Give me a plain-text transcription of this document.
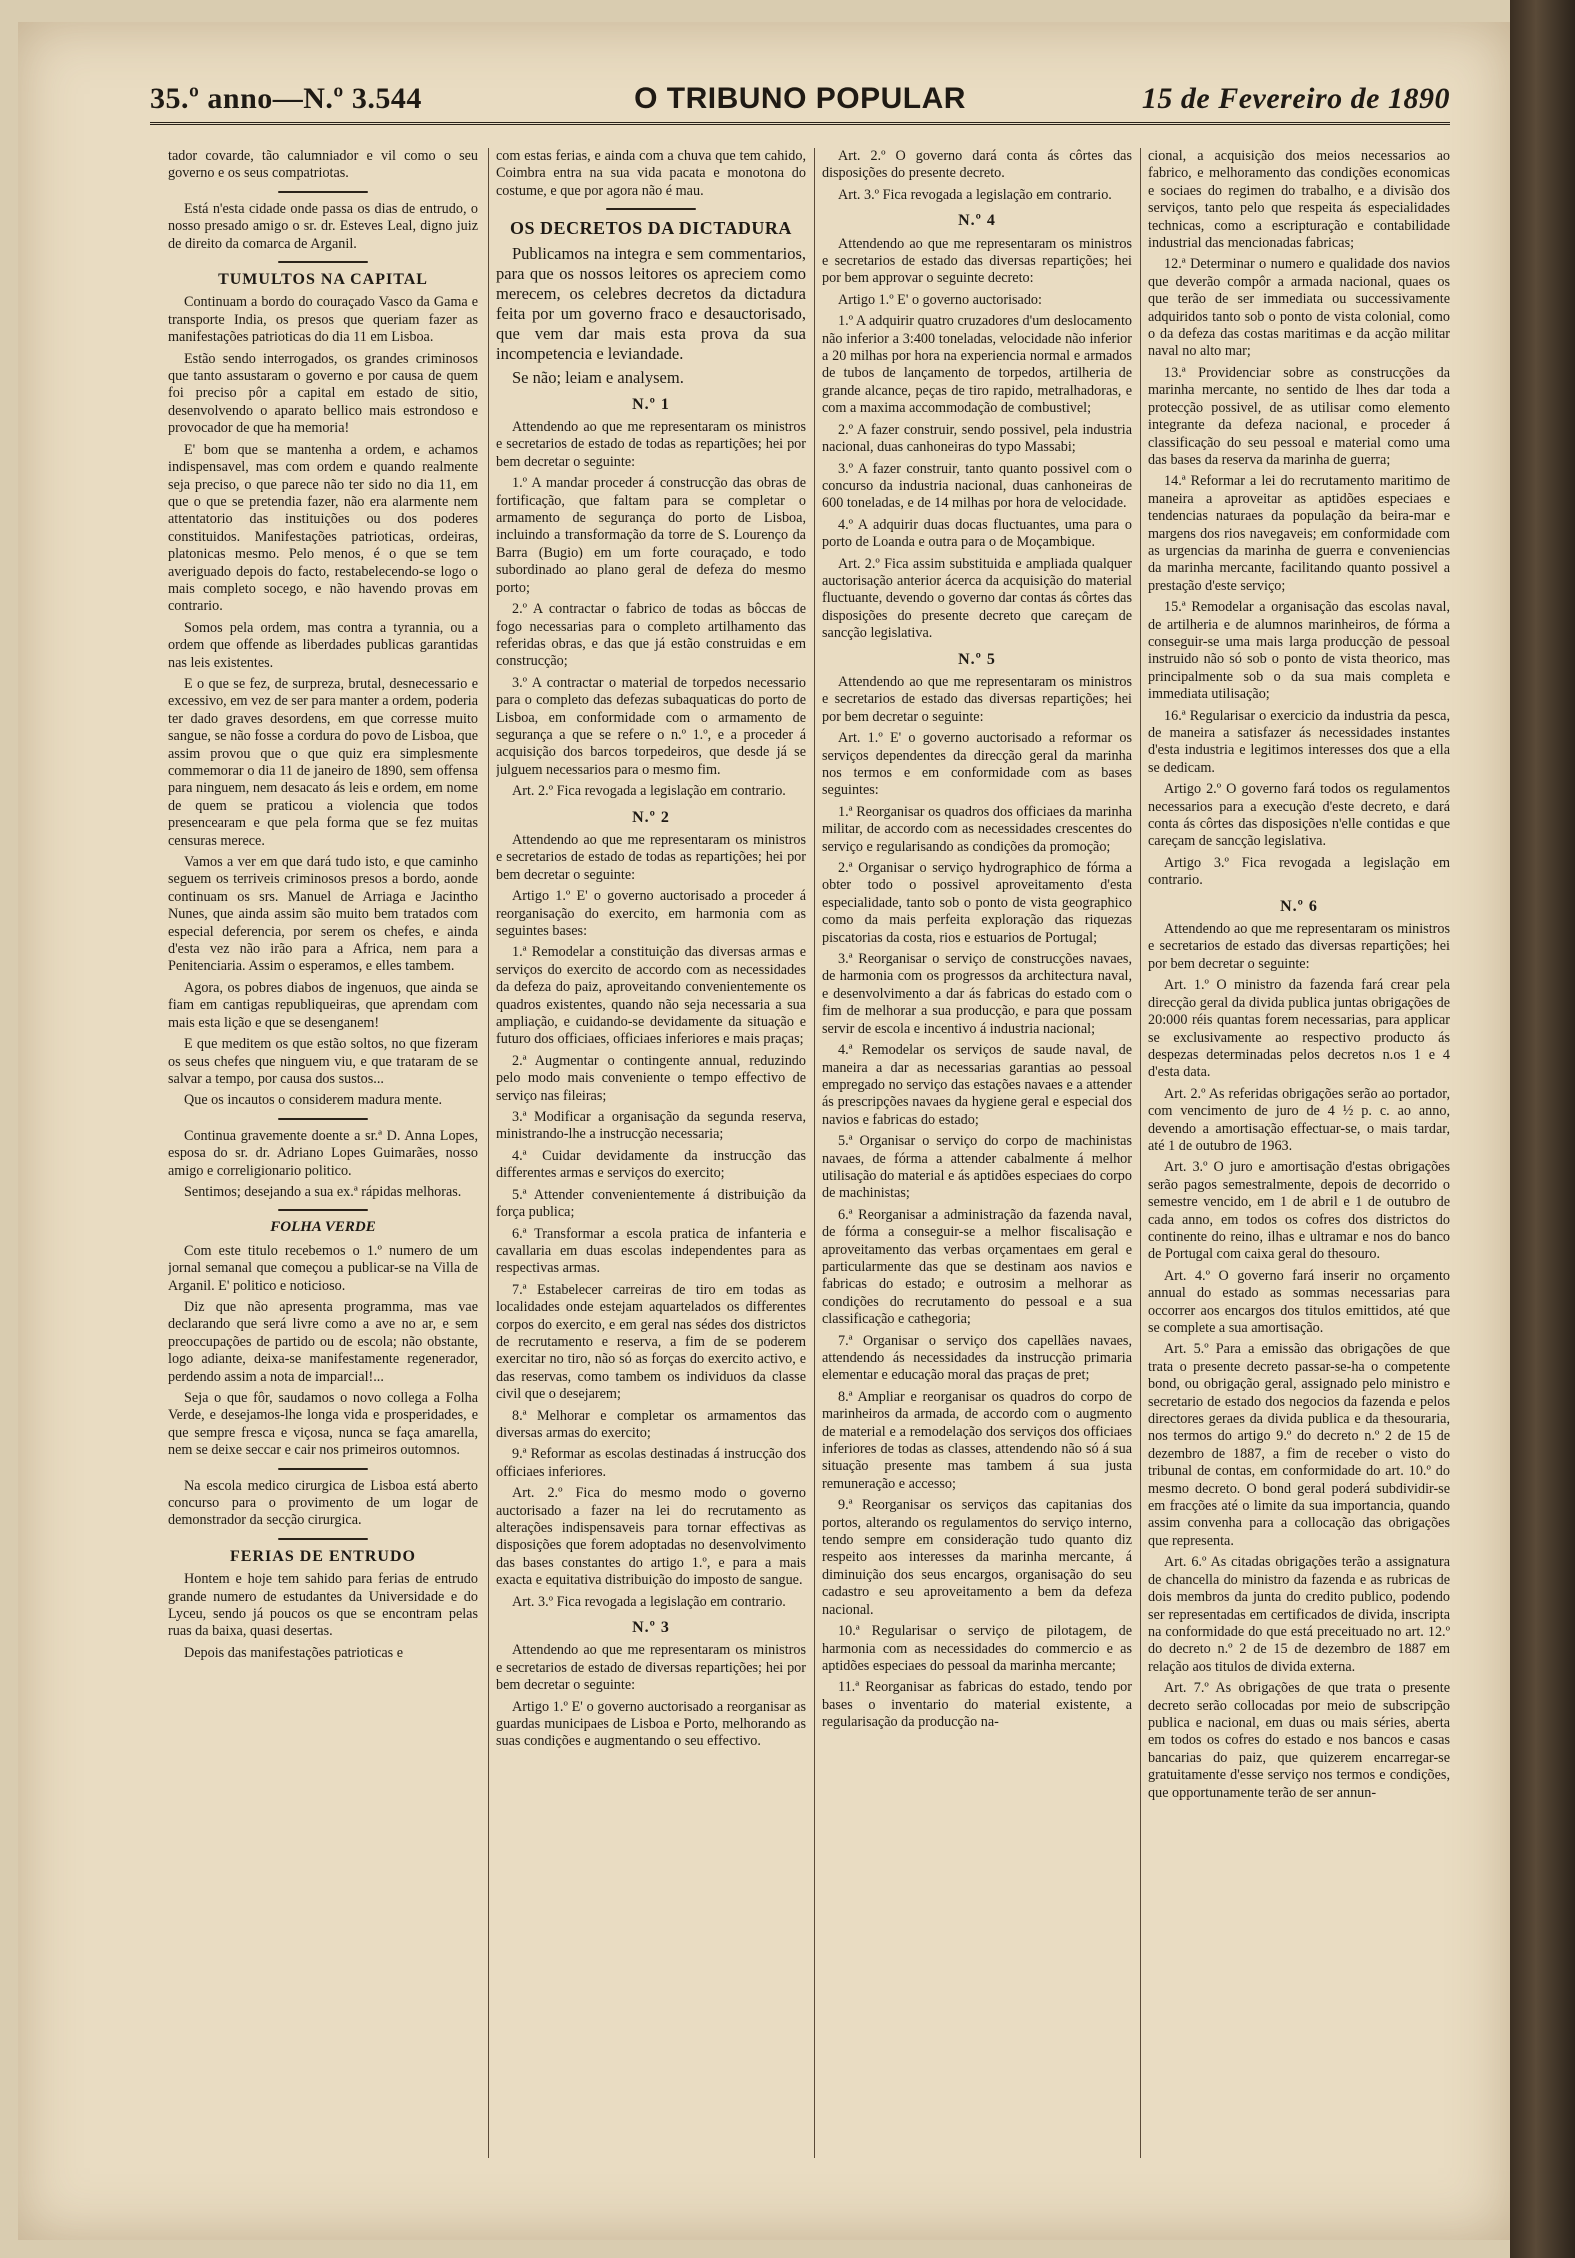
35.º anno—N.º 3.544	O TRIBUNO POPULAR	15 de Fevereiro de 1890

tador covarde, tão calumniador e vil como o seu governo e os seus compatriotas.

Está n'esta cidade onde passa os dias de entrudo, o nosso presado amigo o sr. dr. Esteves Leal, digno juiz de direito da comarca de Arganil.

TUMULTOS NA CAPITAL

Continuam a bordo do couraçado Vasco da Gama e transporte India, os presos que queriam fazer as manifestações patrioticas do dia 11 em Lisboa.

Estão sendo interrogados, os grandes criminosos que tanto assustaram o governo e por causa de quem foi preciso pôr a capital em estado de sitio, desenvolvendo o aparato bellico mais estrondoso e provocador de que ha memoria!

E' bom que se mantenha a ordem, e achamos indispensavel, mas com ordem e quando realmente seja preciso, o que parece não ter sido no dia 11, em que o que se pretendia fazer, não era alarmente nem attentatorio das instituições ou dos poderes constituidos. Manifestações patrioticas, ordeiras, platonicas mesmo. Pelo menos, é o que se tem averiguado depois do facto, restabelecendo-se logo o mais completo socego, e não havendo provas em contrario.

Somos pela ordem, mas contra a tyrannia, ou a ordem que offende as liberdades publicas garantidas nas leis existentes.

E o que se fez, de surpreza, brutal, desnecessario e excessivo, em vez de ser para manter a ordem, poderia ter dado graves desordens, em que corresse muito sangue, se não fosse a cordura do povo de Lisboa, que assim provou que o que quiz era simplesmente commemorar o dia 11 de janeiro de 1890, sem offensa para ninguem, nem desacato ás leis e ordem, em nome de quem se praticou a violencia que todos presencearam e que pela forma que se fez muitas censuras merece.

Vamos a ver em que dará tudo isto, e que caminho seguem os terriveis criminosos presos a bordo, aonde continuam os srs. Manuel de Arriaga e Jacintho Nunes, que ainda assim são muito bem tratados com especial deferencia, por serem os chefes, e ainda d'esta vez não irão para a Africa, nem para a Penitenciaria. Assim o esperamos, e elles tambem.

Agora, os pobres diabos de ingenuos, que ainda se fiam em cantigas republiqueiras, que aprendam com mais esta lição e que se desenganem!

E que meditem os que estão soltos, no que fizeram os seus chefes que ninguem viu, e que trataram de se salvar a tempo, por causa dos sustos...

Que os incautos o considerem madura mente.

Continua gravemente doente a sr.ª D. Anna Lopes, esposa do sr. dr. Adriano Lopes Guimarães, nosso amigo e correligionario politico.

Sentimos; desejando a sua ex.ª rápidas melhoras.

FOLHA VERDE

Com este titulo recebemos o 1.º numero de um jornal semanal que começou a publicar-se na Villa de Arganil. E' politico e noticioso.

Diz que não apresenta programma, mas vae declarando que será livre como a ave no ar, e sem preoccupações de partido ou de escola; não obstante, logo adiante, deixa-se manifestamente regenerador, perdendo assim a nota de imparcial!...

Seja o que fôr, saudamos o novo collega a Folha Verde, e desejamos-lhe longa vida e prosperidades, e que sempre fresca e viçosa, nunca se faça amarella, nem se deixe seccar e cair nos primeiros outomnos.

Na escola medico cirurgica de Lisboa está aberto concurso para o provimento de um logar de demonstrador da secção cirurgica.

FERIAS DE ENTRUDO

Hontem e hoje tem sahido para ferias de entrudo grande numero de estudantes da Universidade e do Lyceu, sendo já poucos os que se encontram pelas ruas da baixa, quasi desertas.

Depois das manifestações patrioticas e

com estas ferias, e ainda com a chuva que tem cahido, Coimbra entra na sua vida pacata e monotona do costume, e que por agora não é mau.

OS DECRETOS DA DICTADURA

Publicamos na integra e sem commentarios, para que os nossos leitores os apreciem como merecem, os celebres decretos da dictadura feita por um governo fraco e desauctorisado, que vem dar mais esta prova da sua incompetencia e leviandade.

Se não; leiam e analysem.

N.º 1

Attendendo ao que me representaram os ministros e secretarios de estado de todas as repartições; hei por bem decretar o seguinte:

1.º A mandar proceder á construcção das obras de fortificação, que faltam para se completar o armamento de segurança do porto de Lisboa, incluindo a transformação da torre de S. Lourenço da Barra (Bugio) em um forte couraçado, e todo subordinado ao plano geral de defeza do mesmo porto;

2.º A contractar o fabrico de todas as bôccas de fogo necessarias para o completo artilhamento das referidas obras, e das que já estão construidas e em construcção;

3.º A contractar o material de torpedos necessario para o completo das defezas subaquaticas do porto de Lisboa, em conformidade com o armamento de segurança a que se refere o n.º 1.º, e a proceder á acquisição dos barcos torpedeiros, que desde já se julguem necessarios para o mesmo fim.

Art. 2.º Fica revogada a legislação em contrario.

N.º 2

Attendendo ao que me representaram os ministros e secretarios de estado de todas as repartições; hei por bem decretar o seguinte:

Artigo 1.º E' o governo auctorisado a proceder á reorganisação do exercito, em harmonia com as seguintes bases:

1.ª Remodelar a constituição das diversas armas e serviços do exercito de accordo com as necessidades da defeza do paiz, aproveitando convenientemente os quadros existentes, quando não seja necessaria a sua ampliação, e cuidando-se devidamente da situação e futuro dos officiaes, officiaes inferiores e mais praças;

2.ª Augmentar o contingente annual, reduzindo pelo modo mais conveniente o tempo effectivo de serviço nas fileiras;

3.ª Modificar a organisação da segunda reserva, ministrando-lhe a instrucção necessaria;

4.ª Cuidar devidamente da instrucção das differentes armas e serviços do exercito;

5.ª Attender convenientemente á distribuição da força publica;

6.ª Transformar a escola pratica de infanteria e cavallaria em duas escolas independentes para as respectivas armas.

7.ª Estabelecer carreiras de tiro em todas as localidades onde estejam aquartelados os differentes corpos do exercito, e em geral nas sédes dos districtos de recrutamento e reserva, a fim de se poderem exercitar no tiro, não só as forças do exercito activo, e das reservas, como tambem os individuos da classe civil que o desejarem;

8.ª Melhorar e completar os armamentos das diversas armas do exercito;

9.ª Reformar as escolas destinadas á instrucção dos officiaes inferiores.

Art. 2.º Fica do mesmo modo o governo auctorisado a fazer na lei do recrutamento as alterações indispensaveis para tornar effectivas as disposições que forem adoptadas no desenvolvimento das bases constantes do artigo 1.º, e para a mais exacta e equitativa distribuição do imposto de sangue.

Art. 3.º Fica revogada a legislação em contrario.

N.º 3

Attendendo ao que me representaram os ministros e secretarios de estado de diversas repartições; hei por bem decretar o seguinte:

Artigo 1.º E' o governo auctorisado a reorganisar as guardas municipaes de Lisboa e Porto, melhorando as suas condições e augmentando o seu effectivo.

Art. 2.º O governo dará conta ás côrtes das disposições do presente decreto.

Art. 3.º Fica revogada a legislação em contrario.

N.º 4

Attendendo ao que me representaram os ministros e secretarios de estado das diversas repartições; hei por bem approvar o seguinte decreto:

Artigo 1.º E' o governo auctorisado:

1.º A adquirir quatro cruzadores d'um deslocamento não inferior a 3:400 toneladas, velocidade não inferior a 20 milhas por hora na experiencia normal e armados de tubos de lançamento de torpedos, artilheria de grande alcance, peças de tiro rapido, metralhadoras, e com a maxima accommodação de combustivel;

2.º A fazer construir, sendo possivel, pela industria nacional, duas canhoneiras do typo Massabi;

3.º A fazer construir, tanto quanto possivel com o concurso da industria nacional, duas canhoneiras de 600 toneladas, e de 14 milhas por hora de velocidade.

4.º A adquirir duas docas fluctuantes, uma para o porto de Loanda e outra para o de Moçambique.

Art. 2.º Fica assim substituida e ampliada qualquer auctorisação anterior ácerca da acquisição do material fluctuante, devendo o governo dar contas ás côrtes das disposições do presente decreto que careçam de sancção legislativa.

N.º 5

Attendendo ao que me representaram os ministros e secretarios de estado das diversas repartições; hei por bem decretar o seguinte:

Art. 1.º E' o governo auctorisado a reformar os serviços dependentes da direcção geral da marinha nos termos e em conformidade com as bases seguintes:

1.ª Reorganisar os quadros dos officiaes da marinha militar, de accordo com as necessidades crescentes do serviço e regularisando as condições da promoção;

2.ª Organisar o serviço hydrographico de fórma a obter todo o possivel aproveitamento d'esta especialidade, tanto sob o ponto de vista geographico como da mais perfeita exploração das riquezas piscatorias da costa, rios e estuarios de Portugal;

3.ª Reorganisar o serviço de construcções navaes, de harmonia com os progressos da architectura naval, e desenvolvimento a dar ás fabricas do estado com o fim de melhorar a sua producção, e para que possam servir de escola e incentivo á industria nacional;

4.ª Remodelar os serviços de saude naval, de maneira a dar as necessarias garantias ao pessoal empregado no serviço das estações navaes e a attender ás prescripções navaes da hygiene geral e especial dos navios e fabricas do estado;

5.ª Organisar o serviço do corpo de machinistas navaes, de fórma a attender cabalmente á melhor utilisação do material e ás aptidões especiaes do corpo de machinistas;

6.ª Reorganisar a administração da fazenda naval, de fórma a conseguir-se a melhor fiscalisação e aproveitamento das verbas orçamentaes em geral e particularmente das que se destinam aos navios e fabricas do estado; e outrosim a melhorar as condições do recrutamento do pessoal e a sua classificação e cathegoria;

7.ª Organisar o serviço dos capellães navaes, attendendo ás necessidades da instrucção primaria elementar e educação moral das praças de pret;

8.ª Ampliar e reorganisar os quadros do corpo de marinheiros da armada, de accordo com o augmento de material e a remodelação dos serviços dos officiaes inferiores de todas as classes, attendendo não só á sua situação presente mas tambem á sua justa remuneração e accesso;

9.ª Reorganisar os serviços das capitanias dos portos, alterando os regulamentos do serviço interno, tendo sempre em consideração tudo quanto diz respeito aos interesses da marinha mercante, á diminuição dos seus encargos, organisação do seu cadastro e seu aproveitamento a bem da defeza nacional.

10.ª Regularisar o serviço de pilotagem, de harmonia com as necessidades do commercio e as aptidões especiaes do pessoal da marinha mercante;

11.ª Reorganisar as fabricas do estado, tendo por bases o inventario do material existente, a regularisação da producção na-

cional, a acquisição dos meios necessarios ao fabrico, e melhoramento das condições economicas e sociaes do regimen do trabalho, e a divisão dos serviços, tanto pelo que respeita ás especialidades technicas, como a escripturação e contabilidade industrial das mencionadas fabricas;

12.ª Determinar o numero e qualidade dos navios que deverão compôr a armada nacional, quaes os que terão de ser immediata ou successivamente adquiridos tanto sob o ponto de vista colonial, como o da defeza das costas maritimas e da acção militar naval no alto mar;

13.ª Providenciar sobre as construcções da marinha mercante, no sentido de lhes dar toda a protecção possivel, de as utilisar como elemento integrante da defeza nacional, e proceder á classificação do seu pessoal e material como uma das bases da reserva da marinha de guerra;

14.ª Reformar a lei do recrutamento maritimo de maneira a aproveitar as aptidões especiaes e tendencias naturaes da população da beira-mar e margens dos rios navegaveis; em conformidade com as urgencias da marinha de guerra e conveniencias da marinha mercante, facilitando quanto possivel a prestação d'este serviço;

15.ª Remodelar a organisação das escolas naval, de artilheria e de alumnos marinheiros, de fórma a conseguir-se uma mais larga producção de pessoal instruido não só sob o ponto de vista theorico, mas principalmente sob o da sua mais completa e immediata utilisação;

16.ª Regularisar o exercicio da industria da pesca, de maneira a satisfazer ás necessidades instantes d'esta industria e legitimos interesses dos que a ella se dedicam.

Artigo 2.º O governo fará todos os regulamentos necessarios para a execução d'este decreto, e dará conta ás côrtes das disposições n'elle contidas e que careçam de sancção legislativa.

Artigo 3.º Fica revogada a legislação em contrario.

N.º 6

Attendendo ao que me representaram os ministros e secretarios de estado das diversas repartições; hei por bem decretar o seguinte:

Art. 1.º O ministro da fazenda fará crear pela direcção geral da divida publica juntas obrigações de 20:000 réis quantas forem necessarias, para applicar se exclusivamente ao respectivo producto ás despezas determinadas pelos decretos n.os 1 e 4 d'esta data.

Art. 2.º As referidas obrigações serão ao portador, com vencimento de juro de 4 ½ p. c. ao anno, devendo a amortisação effectuar-se, o mais tardar, até 1 de outubro de 1963.

Art. 3.º O juro e amortisação d'estas obrigações serão pagos semestralmente, depois de decorrido o semestre vencido, em 1 de abril e 1 de outubro de cada anno, em todos os cofres dos districtos do continente do reino, ilhas e ultramar e nos do banco de Portugal com caixa geral do thesouro.

Art. 4.º O governo fará inserir no orçamento annual do estado as sommas necessarias para occorrer aos encargos dos titulos emittidos, até que se complete a sua amortisação.

Art. 5.º Para a emissão das obrigações de que trata o presente decreto passar-se-ha o competente bond, ou obrigação geral, assignado pelo ministro e secretario de estado dos negocios da fazenda e pelos directores geraes da divida publica e da thesouraria, nos termos do artigo 9.º do decreto n.º 2 de 15 de dezembro de 1887, a fim de receber o visto do tribunal de contas, em conformidade do art. 10.º do mesmo decreto. O bond geral poderá subdividir-se em fracções até o limite da sua importancia, quando assim convenha para a collocação das obrigações que representa.

Art. 6.º As citadas obrigações terão a assignatura de chancella do ministro da fazenda e as rubricas de dois membros da junta do credito publico, podendo ser representadas em certificados de divida, inscripta na conformidade do que está preceituado no art. 12.º do decreto n.º 2 de 15 de dezembro de 1887 em relação aos titulos de divida externa.

Art. 7.º As obrigações de que trata o presente decreto serão collocadas por meio de subscripção publica e nacional, em duas ou mais séries, aberta em todos os cofres do estado e nos bancos e casas bancarias do paiz, que quizerem encarregar-se gratuitamente d'esse serviço nos termos e condições, que opportunamente terão de ser annun-
